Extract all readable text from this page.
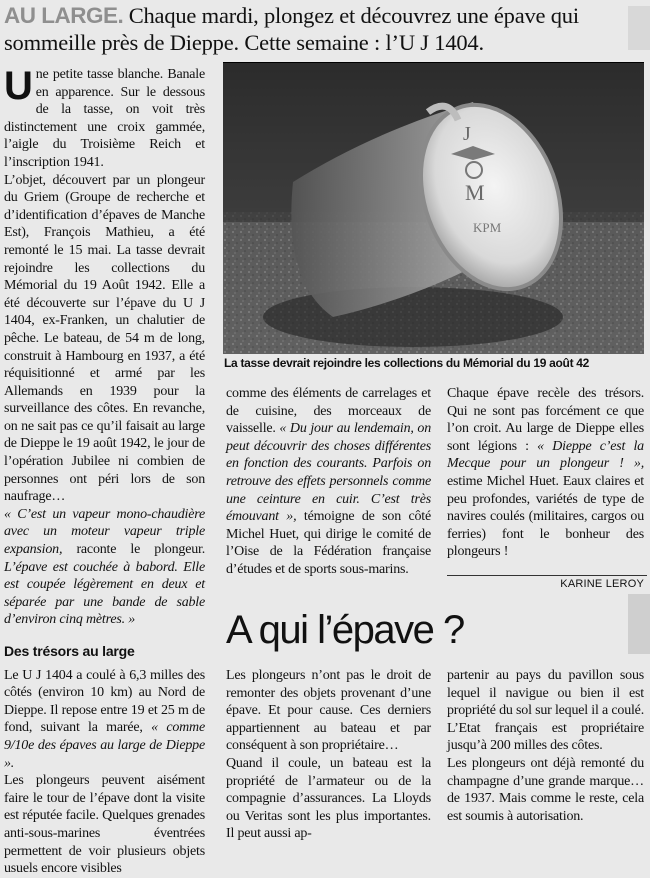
AU LARGE. Chaque mardi, plongez et découvrez une épave qui sommeille près de Dieppe. Cette semaine : l’U J 1404.
J
M
KPM
La tasse devrait rejoindre les collections du Mémorial du 19 août 42

Une petite tasse blanche. Banale en apparence. Sur le dessous de la tasse, on voit très distinctement une croix gammée, l’aigle du Troisième Reich et l’inscription 1941.

L’objet, découvert par un plongeur du Griem (Groupe de recherche et d’identification d’épaves de Manche Est), François Mathieu, a été remonté le 15 mai. La tasse devrait rejoindre les collections du Mémorial du 19 Août 1942. Elle a été découverte sur l’épave du U J 1404, ex-Franken, un chalutier de pêche. Le bateau, de 54 m de long, construit à Hambourg en 1937, a été réquisitionné et armé par les Allemands en 1939 pour la surveillance des côtes. En revanche, on ne sait pas ce qu’il faisait au large de Dieppe le 19 août 1942, le jour de l’opération Jubilee ni combien de personnes ont péri lors de son naufrage…

« C’est un vapeur mono-chaudière avec un moteur vapeur triple expansion, raconte le plongeur. L’épave est couchée à babord. Elle est coupée légèrement en deux et séparée par une bande de sable d’environ cinq mètres. »

Des trésors au large

Le U J 1404 a coulé à 6,3 milles des côtés (environ 10 km) au Nord de Dieppe. Il repose entre 19 et 25 m de fond, suivant la marée, « comme 9/10e des épaves au large de Dieppe ».

Les plongeurs peuvent aisément faire le tour de l’épave dont la visite est réputée facile. Quelques grenades anti-sous-marines éventrées permettent de voir plusieurs objets usuels encore visibles

comme des éléments de carrelages et de cuisine, des morceaux de vaisselle. « Du jour au lendemain, on peut découvrir des choses différentes en fonction des courants. Parfois on retrouve des effets personnels comme une ceinture en cuir. C’est très émouvant », témoigne de son côté Michel Huet, qui dirige le comité de l’Oise de la Fédération française d’études et de sports sous-marins.

Chaque épave recèle des trésors. Qui ne sont pas forcément ce que l’on croit. Au large de Dieppe elles sont légions : « Dieppe c’est la Mecque pour un plongeur ! », estime Michel Huet. Eaux claires et peu profondes, variétés de type de navires coulés (militaires, cargos ou ferries) font le bonheur des plongeurs !

KARINE LEROY
A qui l’épave ?

Les plongeurs n’ont pas le droit de remonter des objets provenant d’une épave. Et pour cause. Ces derniers appartiennent au bateau et par conséquent à son propriétaire…

Quand il coule, un bateau est la propriété de l’armateur ou de la compagnie d’assurances. La Lloyds ou Veritas sont les plus importantes. Il peut aussi ap-

partenir au pays du pavillon sous lequel il navigue ou bien il est propriété du sol sur lequel il a coulé. L’Etat français est propriétaire jusqu’à 200 milles des côtes.

Les plongeurs ont déjà remonté du champagne d’une grande marque… de 1937. Mais comme le reste, cela est soumis à autorisation.
